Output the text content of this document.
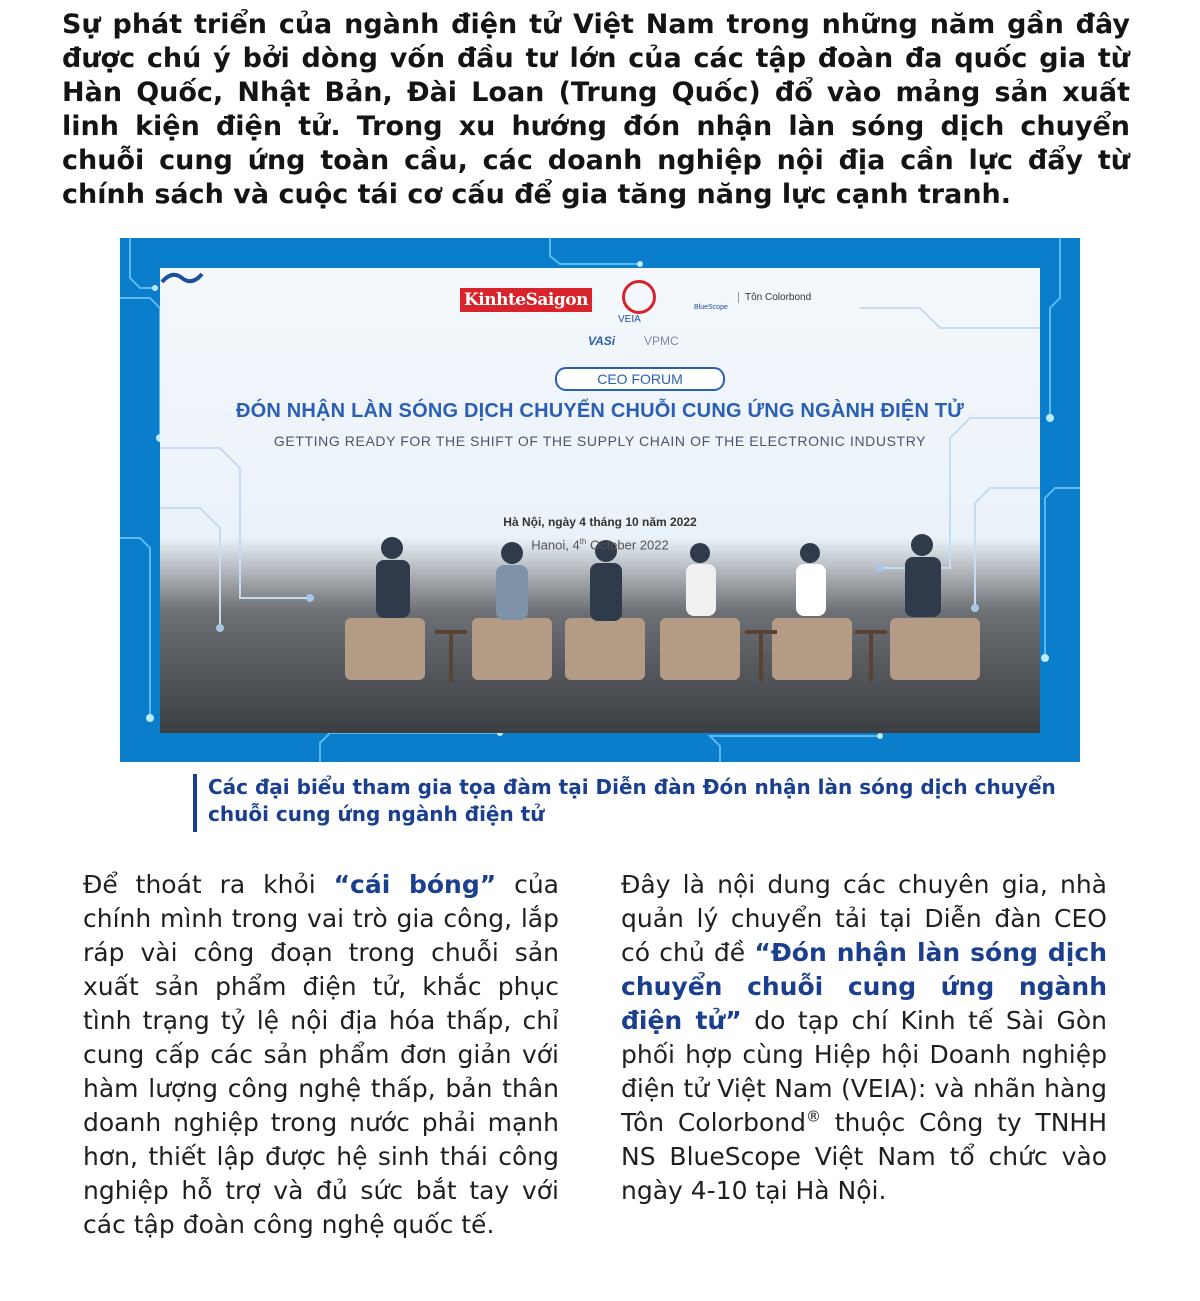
Sự phát triển của ngành điện tử Việt Nam trong những năm gần đây được chú ý bởi dòng vốn đầu tư lớn của các tập đoàn đa quốc gia từ Hàn Quốc, Nhật Bản, Đài Loan (Trung Quốc) đổ vào mảng sản xuất linh kiện điện tử. Trong xu hướng đón nhận làn sóng dịch chuyển chuỗi cung ứng toàn cầu, các doanh nghiệp nội địa cần lực đẩy từ chính sách và cuộc tái cơ cấu để gia tăng năng lực cạnh tranh.

KinhteSaigon
VEIA
BlueScope
Tôn Colorbond
VASi VPMC
CEO FORUM
ĐÓN NHẬN LÀN SÓNG DỊCH CHUYỂN CHUỖI CUNG ỨNG NGÀNH ĐIỆN TỬ
GETTING READY FOR THE SHIFT OF THE SUPPLY CHAIN OF THE ELECTRONIC INDUSTRY
Hà Nội, ngày 4 tháng 10 năm 2022
Hanoi, 4th October 2022

Các đại biểu tham gia tọa đàm tại Diễn đàn Đón nhận làn sóng dịch chuyển chuỗi cung ứng ngành điện tử

Để thoát ra khỏi “cái bóng” của chính mình trong vai trò gia công, lắp ráp vài công đoạn trong chuỗi sản xuất sản phẩm điện tử, khắc phục tình trạng tỷ lệ nội địa hóa thấp, chỉ cung cấp các sản phẩm đơn giản với hàm lượng công nghệ thấp, bản thân doanh nghiệp trong nước phải mạnh hơn, thiết lập được hệ sinh thái công nghiệp hỗ trợ và đủ sức bắt tay với các tập đoàn công nghệ quốc tế.

Đây là nội dung các chuyên gia, nhà quản lý chuyển tải tại Diễn đàn CEO có chủ đề “Đón nhận làn sóng dịch chuyển chuỗi cung ứng ngành điện tử” do tạp chí Kinh tế Sài Gòn phối hợp cùng Hiệp hội Doanh nghiệp điện tử Việt Nam (VEIA): và nhãn hàng Tôn Colorbond® thuộc Công ty TNHH NS BlueScope Việt Nam tổ chức vào ngày 4-10 tại Hà Nội.
